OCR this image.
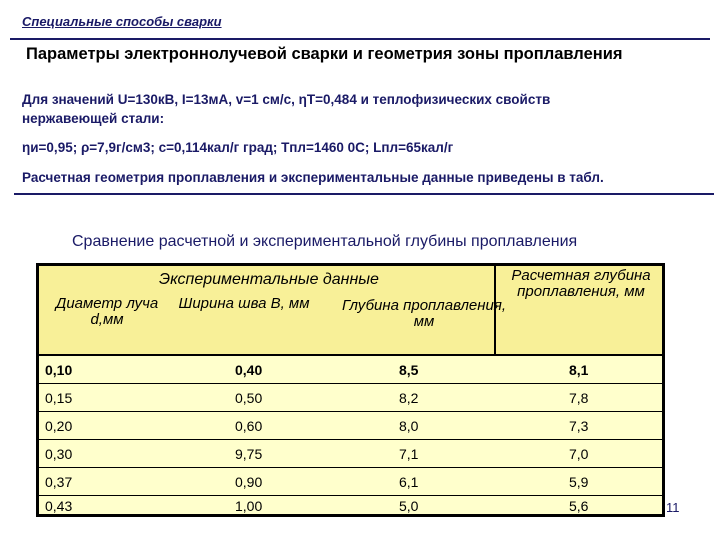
Специальные способы сварки
Параметры электроннолучевой сварки и геометрия зоны проплавления
Для значений U=130кВ, I=13мА, v=1 см/с, ηТ=0,484 и теплофизических свойств
нержавеющей стали:
ηи=0,95; ρ=7,9г/см3; с=0,114кал/г град; Тпл=1460 0С; Lпл=65кал/г
Расчетная геометрия проплавления и экспериментальные данные приведены в табл.
Сравнение расчетной и экспериментальной глубины проплавления
Экспериментальные данные
Диаметр луча d,мм
Ширина шва В, мм	Глубина проплавления, мм
Расчетная глубина проплавления, мм
0,10	0,40	8,5	8,1
0,15	0,50	8,2	7,8
0,20	0,60	8,0	7,3
0,30	9,75	7,1	7,0
0,37	0,90	6,1	5,9
0,43	1,00	5,0	5,6	11
